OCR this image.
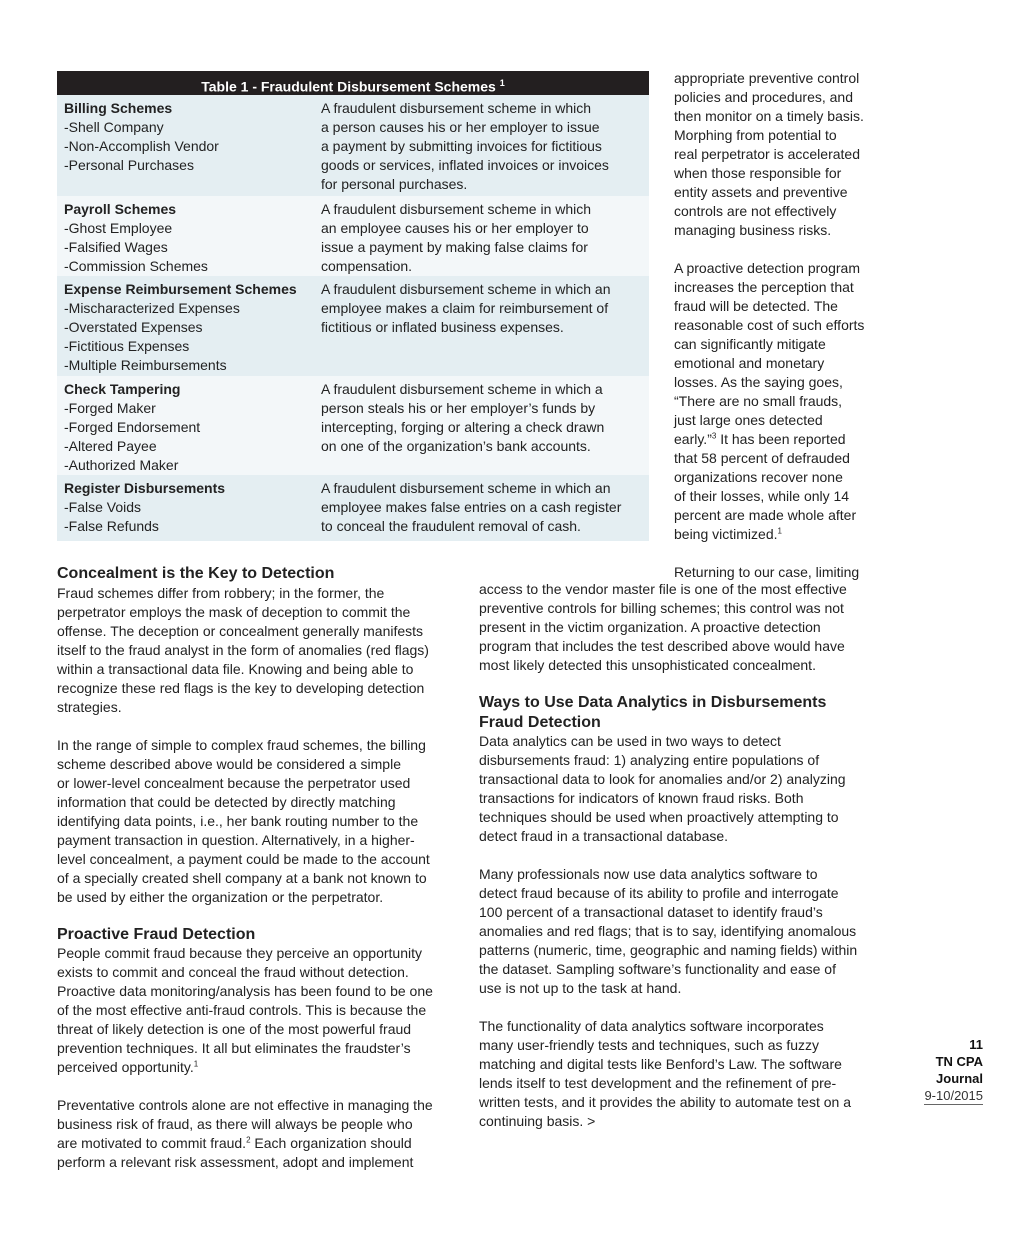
Table 1 - Fraudulent Disbursement Schemes $^1$
Billing Schemes
-Shell Company
-Non-Accomplish Vendor
-Personal Purchases
A fraudulent disbursement scheme in which
a person causes his or her employer to issue
a payment by submitting invoices for fictitious
goods or services, inflated invoices or invoices
for personal purchases.
Payroll Schemes
-Ghost Employee
-Falsified Wages
-Commission Schemes
A fraudulent disbursement scheme in which
an employee causes his or her employer to
issue a payment by making false claims for
compensation.
Expense Reimbursement Schemes
-Mischaracterized Expenses
-Overstated Expenses
-Fictitious Expenses
-Multiple Reimbursements
A fraudulent disbursement scheme in which an
employee makes a claim for reimbursement of
fictitious or inflated business expenses.
Check Tampering
-Forged Maker
-Forged Endorsement
-Altered Payee
-Authorized Maker
A fraudulent disbursement scheme in which a
person steals his or her employer’s funds by
intercepting, forging or altering a check drawn
on one of the organization’s bank accounts.
Register Disbursements
-False Voids
-False Refunds
A fraudulent disbursement scheme in which an
employee makes false entries on a cash register
to conceal the fraudulent removal of cash.
appropriate preventive control
policies and procedures, and
then monitor on a timely basis.
Morphing from potential to
real perpetrator is accelerated
when those responsible for
entity assets and preventive
controls are not effectively
managing business risks.
A proactive detection program
increases the perception that
fraud will be detected. The
reasonable cost of such efforts
can significantly mitigate
emotional and monetary
losses. As the saying goes,
“There are no small frauds,
just large ones detected
early.”$^3$ It has been reported
that 58 percent of defrauded
organizations recover none
of their losses, while only 14
percent are made whole after
being victimized.$^1$
Returning to our case, limiting
Concealment is the Key to Detection
Fraud schemes differ from robbery; in the former, the
perpetrator employs the mask of deception to commit the
offense. The deception or concealment generally manifests
itself to the fraud analyst in the form of anomalies (red flags)
within a transactional data file. Knowing and being able to
recognize these red flags is the key to developing detection
strategies.
In the range of simple to complex fraud schemes, the billing
scheme described above would be considered a simple
or lower-level concealment because the perpetrator used
information that could be detected by directly matching
identifying data points, i.e., her bank routing number to the
payment transaction in question. Alternatively, in a higher-
level concealment, a payment could be made to the account
of a specially created shell company at a bank not known to
be used by either the organization or the perpetrator.
Proactive Fraud Detection
People commit fraud because they perceive an opportunity
exists to commit and conceal the fraud without detection.
Proactive data monitoring/analysis has been found to be one
of the most effective anti-fraud controls. This is because the
threat of likely detection is one of the most powerful fraud
prevention techniques. It all but eliminates the fraudster’s
perceived opportunity.$^1$
Preventative controls alone are not effective in managing the
business risk of fraud, as there will always be people who
are motivated to commit fraud.$^2$ Each organization should
perform a relevant risk assessment, adopt and implement
access to the vendor master file is one of the most effective
preventive controls for billing schemes; this control was not
present in the victim organization. A proactive detection
program that includes the test described above would have
most likely detected this unsophisticated concealment.
Ways to Use Data Analytics in Disbursements
Fraud Detection
Data analytics can be used in two ways to detect
disbursements fraud: 1) analyzing entire populations of
transactional data to look for anomalies and/or 2) analyzing
transactions for indicators of known fraud risks. Both
techniques should be used when proactively attempting to
detect fraud in a transactional database.
Many professionals now use data analytics software to
detect fraud because of its ability to profile and interrogate
100 percent of a transactional dataset to identify fraud’s
anomalies and red flags; that is to say, identifying anomalous
patterns (numeric, time, geographic and naming fields) within
the dataset. Sampling software’s functionality and ease of
use is not up to the task at hand.
The functionality of data analytics software incorporates
many user-friendly tests and techniques, such as fuzzy
matching and digital tests like Benford’s Law. The software
lends itself to test development and the refinement of pre-
written tests, and it provides the ability to automate test on a
continuing basis. >
11
TN CPA
Journal
9-10/2015
